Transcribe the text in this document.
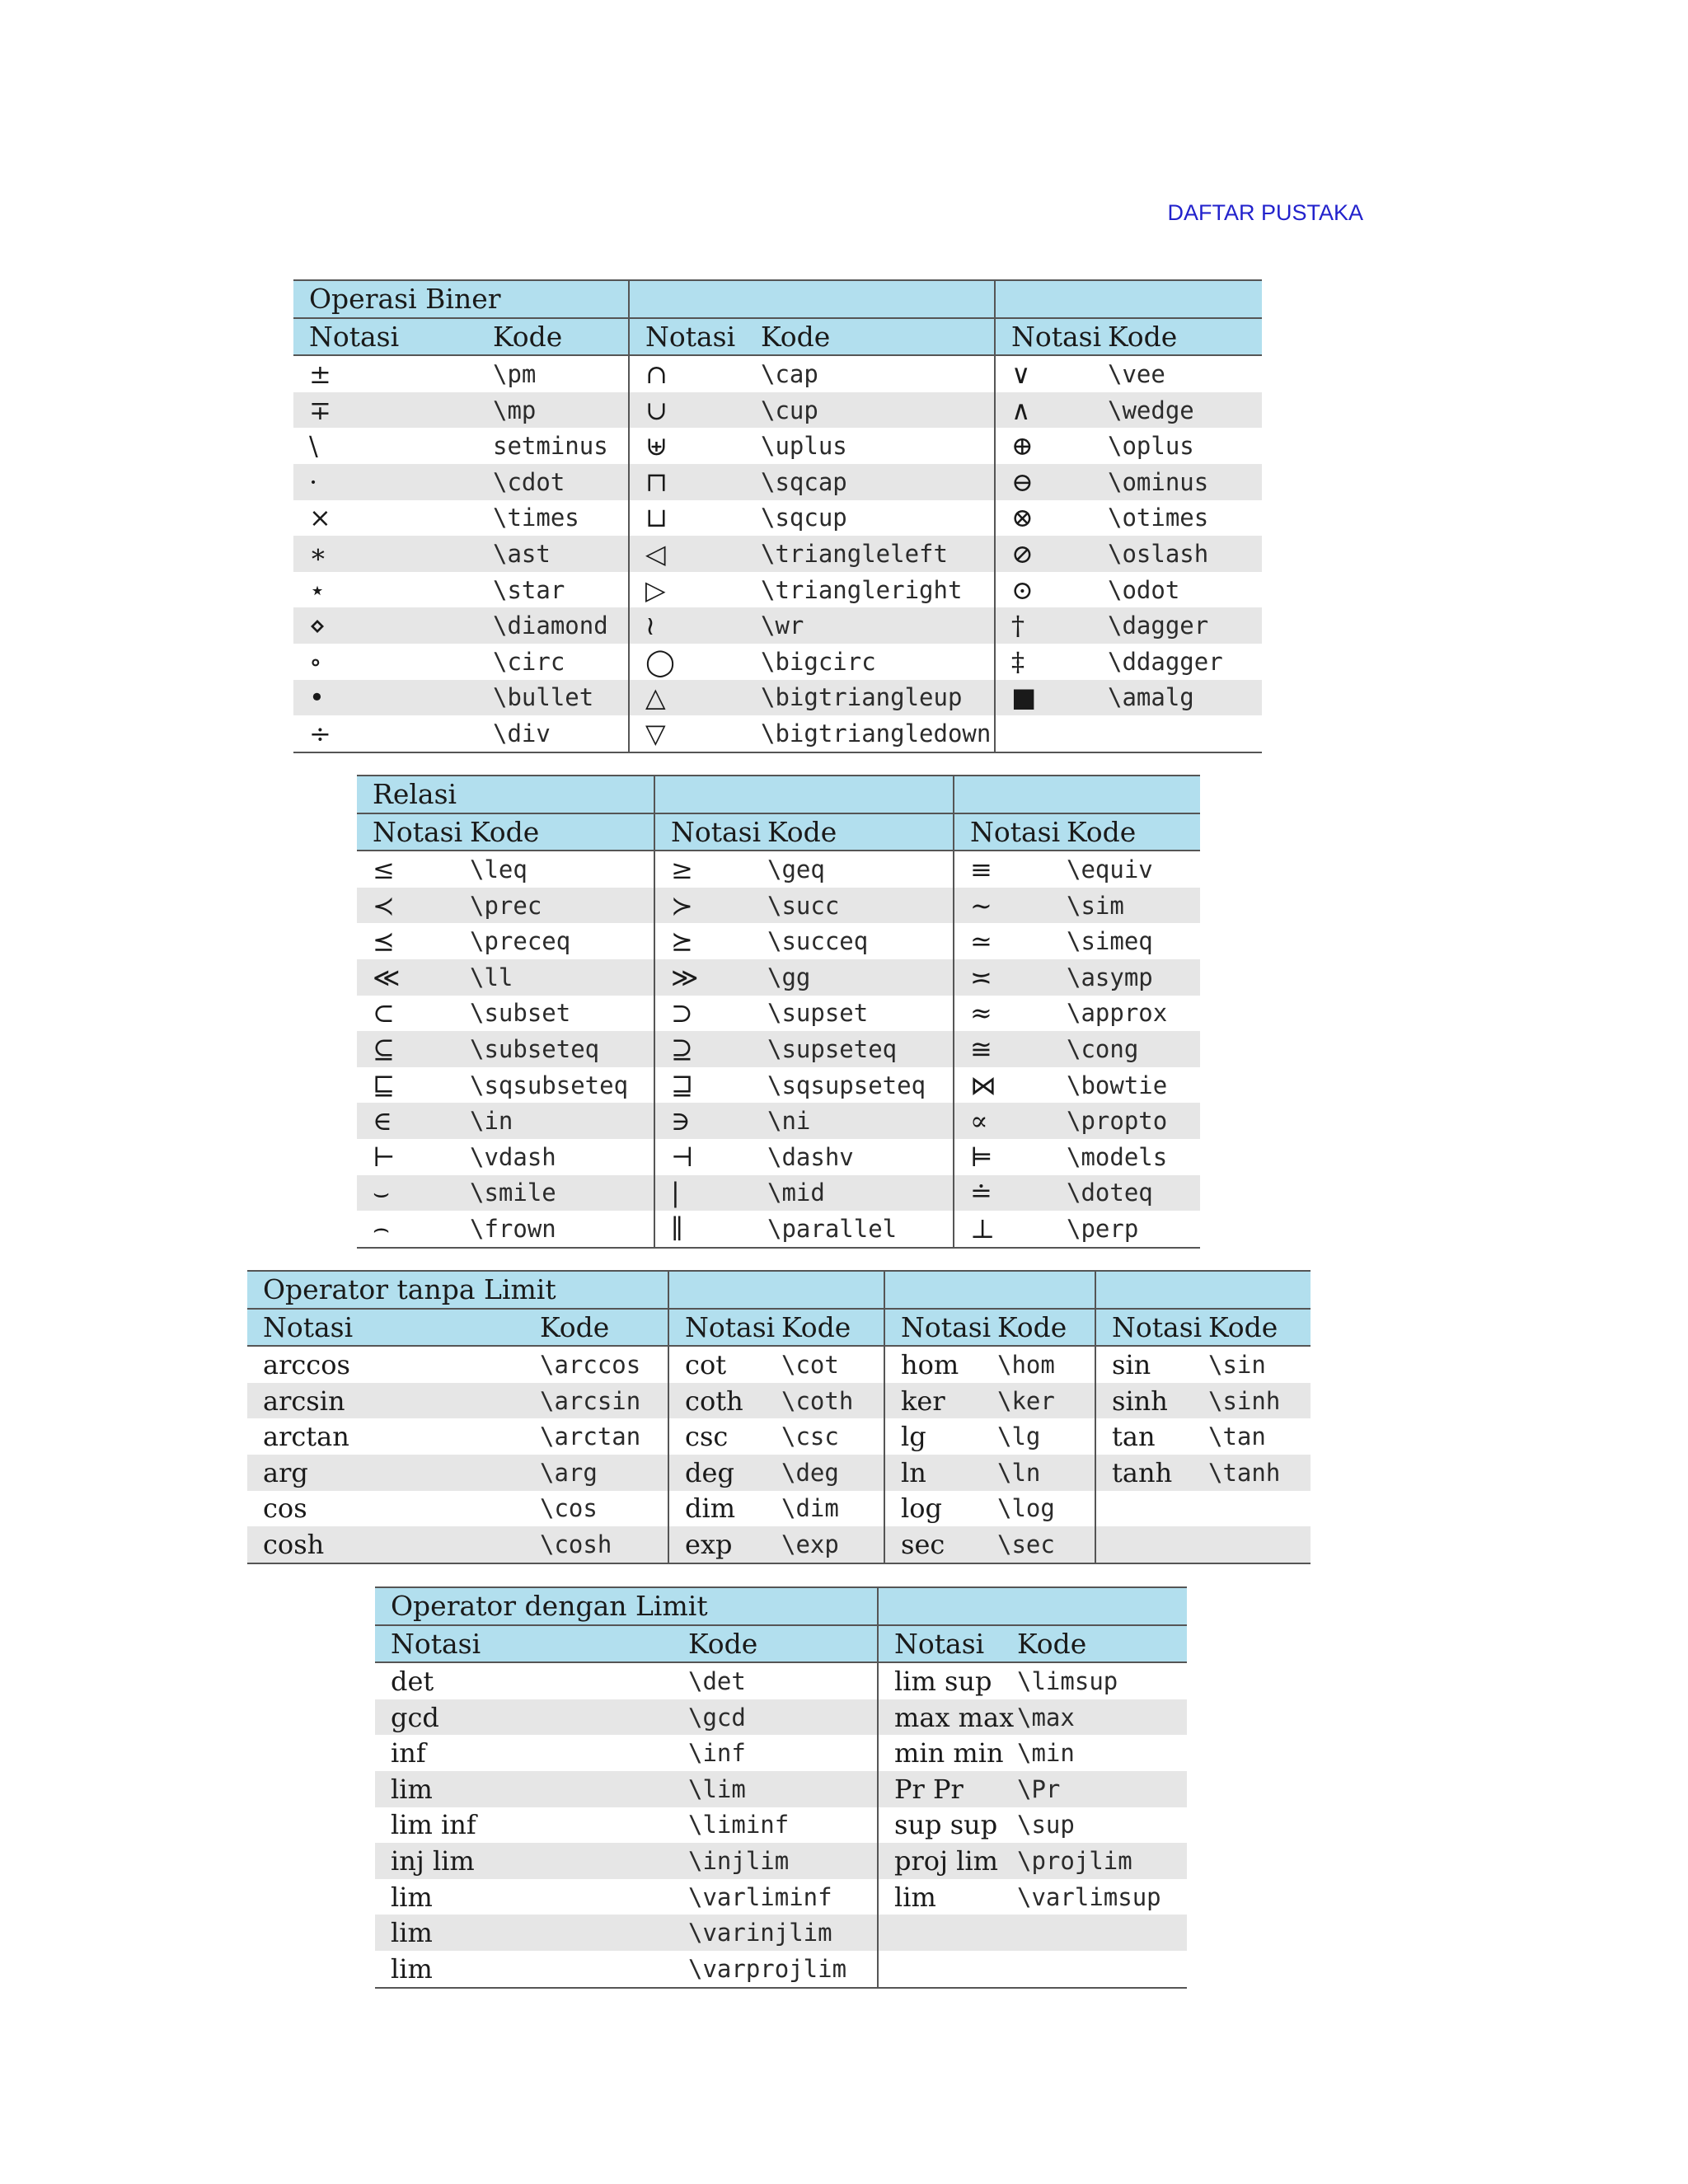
DAFTAR PUSTAKA
Operasi Biner					
Notasi	Kode	Notasi	Kode	Notasi	Kode
±	\pm	∩	\cap	∨	\vee
∓	\mp	∪	\cup	∧	\wedge
\	setminus	⊎	\uplus	⊕	\oplus
·	\cdot	⊓	\sqcap	⊖	\ominus
×	\times	⊔	\sqcup	⊗	\otimes
∗	\ast	◁	\triangleleft	⊘	\oslash
⋆	\star	▷	\triangleright	⊙	\odot
⋄	\diamond	≀	\wr	†	\dagger
∘	\circ	◯	\bigcirc	‡	\ddagger
•	\bullet	△	\bigtriangleup	■	\amalg
÷	\div	▽	\bigtriangledown		
Relasi					
Notasi	Kode	Notasi	Kode	Notasi	Kode
≤	\leq	≥	\geq	≡	\equiv
≺	\prec	≻	\succ	∼	\sim
⪯	\preceq	⪰	\succeq	≃	\simeq
≪	\ll	≫	\gg	≍	\asymp
⊂	\subset	⊃	\supset	≈	\approx
⊆	\subseteq	⊇	\supseteq	≅	\cong
⊑	\sqsubseteq	⊒	\sqsupseteq	⋈	\bowtie
∈	\in	∋	\ni	∝	\propto
⊢	\vdash	⊣	\dashv	⊨	\models
⌣	\smile	|	\mid	≐	\doteq
⌢	\frown	∥	\parallel	⊥	\perp
Operator tanpa Limit							
Notasi	Kode	Notasi	Kode	Notasi	Kode	Notasi	Kode
arccos	\arccos	cot	\cot	hom	\hom	sin	\sin
arcsin	\arcsin	coth	\coth	ker	\ker	sinh	\sinh
arctan	\arctan	csc	\csc	lg	\lg	tan	\tan
arg	\arg	deg	\deg	ln	\ln	tanh	\tanh
cos	\cos	dim	\dim	log	\log		
cosh	\cosh	exp	\exp	sec	\sec		
Operator dengan Limit			
Notasi	Kode	Notasi	Kode
det	\det	lim sup	\limsup
gcd	\gcd	max max	\max
inf	\inf	min min	\min
lim	\lim	Pr Pr	\Pr
lim inf	\liminf	sup sup	\sup
inj lim	\injlim	proj lim	\projlim
lim	\varliminf	lim	\varlimsup
lim	\varinjlim		
lim	\varprojlim		
